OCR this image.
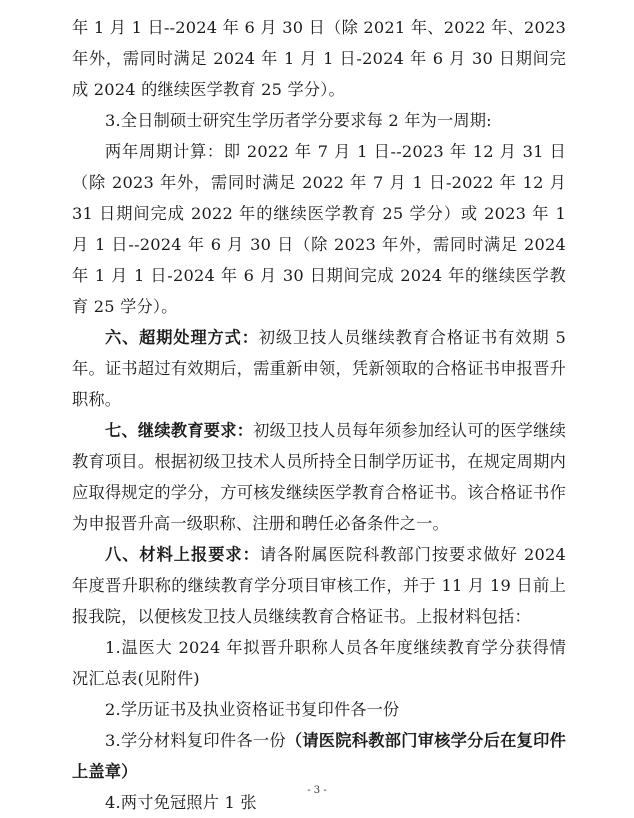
年 1 月 1 日--2024 年 6 月 30 日（除 2021 年、2022 年、2023 年外，需同时满足 2024 年 1 月 1 日-2024 年 6 月 30 日期间完成 2024 的继续医学教育 25 学分）。

3.全日制硕士研究生学历者学分要求每 2 年为一周期:

两年周期计算：即 2022 年 7 月 1 日--2023 年 12 月 31 日（除 2023 年外，需同时满足 2022 年 7 月 1 日-2022 年 12 月 31 日期间完成 2022 年的继续医学教育 25 学分）或 2023 年 1 月 1 日--2024 年 6 月 30 日（除 2023 年外，需同时满足 2024 年 1 月 1 日-2024 年 6 月 30 日期间完成 2024 年的继续医学教育 25 学分）。

六、超期处理方式：初级卫技人员继续教育合格证书有效期 5 年。证书超过有效期后，需重新申领，凭新领取的合格证书申报晋升职称。

七、继续教育要求：初级卫技人员每年须参加经认可的医学继续教育项目。根据初级卫技术人员所持全日制学历证书，在规定周期内应取得规定的学分，方可核发继续医学教育合格证书。该合格证书作为申报晋升高一级职称、注册和聘任必备条件之一。

八、材料上报要求：请各附属医院科教部门按要求做好 2024 年度晋升职称的继续教育学分项目审核工作，并于 11 月 19 日前上报我院，以便核发卫技人员继续教育合格证书。上报材料包括：

1.温医大 2024 年拟晋升职称人员各年度继续教育学分获得情况汇总表(见附件)

2.学历证书及执业资格证书复印件各一份

3.学分材料复印件各一份（请医院科教部门审核学分后在复印件上盖章）

4.两寸免冠照片 1 张

- 3 -
